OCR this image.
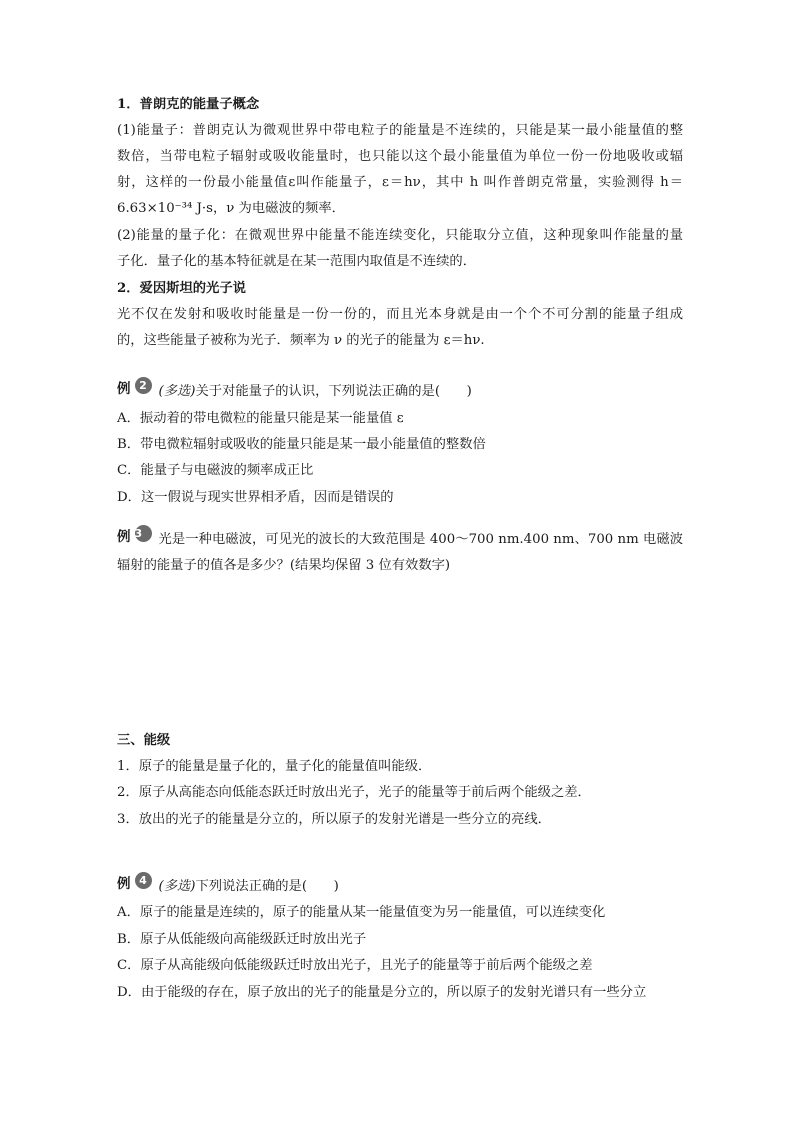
1．普朗克的能量子概念
(1)能量子：普朗克认为微观世界中带电粒子的能量是不连续的，只能是某一最小能量值的整
数倍，当带电粒子辐射或吸收能量时，也只能以这个最小能量值为单位一份一份地吸收或辐
射，这样的一份最小能量值ε叫作能量子，ε＝hν，其中 h 叫作普朗克常量，实验测得 h＝
6.63×10⁻³⁴ J·s，ν 为电磁波的频率．
(2)能量的量子化：在微观世界中能量不能连续变化，只能取分立值，这种现象叫作能量的量
子化．量子化的基本特征就是在某一范围内取值是不连续的．
2．爱因斯坦的光子说
光不仅在发射和吸收时能量是一份一份的，而且光本身就是由一个个不可分割的能量子组成
的，这些能量子被称为光子．频率为 ν 的光子的能量为 ε＝hν.
例 2 (多选)关于对能量子的认识，下列说法正确的是(　　)
A．振动着的带电微粒的能量只能是某一能量值 ε
B．带电微粒辐射或吸收的能量只能是某一最小能量值的整数倍
C．能量子与电磁波的频率成正比
D．这一假说与现实世界相矛盾，因而是错误的
例 3 光是一种电磁波，可见光的波长的大致范围是 400～700 nm.400 nm、700 nm 电磁波
辐射的能量子的值各是多少？(结果均保留 3 位有效数字)
三、能级
1．原子的能量是量子化的，量子化的能量值叫能级．
2．原子从高能态向低能态跃迁时放出光子，光子的能量等于前后两个能级之差．
3．放出的光子的能量是分立的，所以原子的发射光谱是一些分立的亮线．
例 4 (多选)下列说法正确的是(　　)
A．原子的能量是连续的，原子的能量从某一能量值变为另一能量值，可以连续变化
B．原子从低能级向高能级跃迁时放出光子
C．原子从高能级向低能级跃迁时放出光子，且光子的能量等于前后两个能级之差
D．由于能级的存在，原子放出的光子的能量是分立的，所以原子的发射光谱只有一些分立
